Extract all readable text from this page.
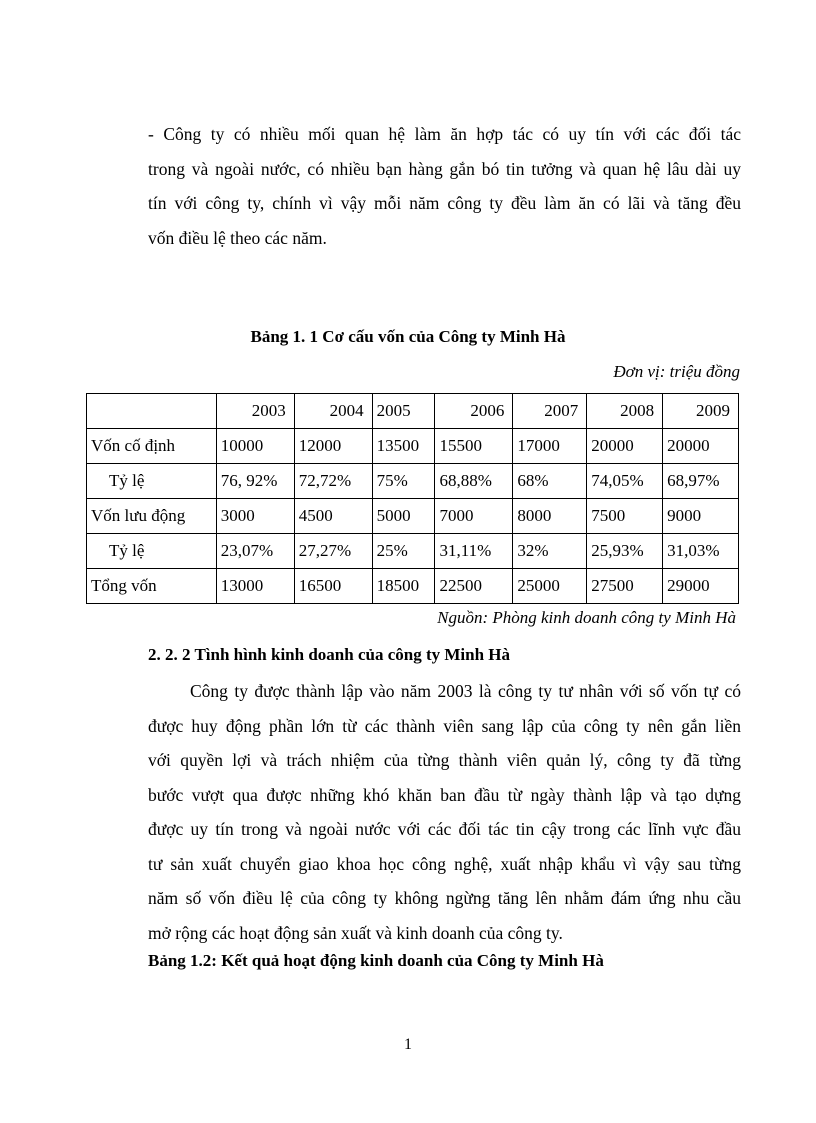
- Công ty có nhiều mối quan hệ làm ăn hợp tác có uy tín với các đối tác
trong và ngoài nước, có nhiều bạn hàng gắn bó tin tưởng và quan hệ lâu dài uy
tín với công ty, chính vì vậy mỗi năm công ty đều làm ăn có lãi và tăng đều
vốn điều lệ theo các năm.
Bảng 1. 1 Cơ cấu vốn của Công ty Minh Hà
Đơn vị: triệu đồng
	2003	2004	2005	2006	2007	2008	2009
Vốn cố định	10000	12000	13500	15500	17000	20000	20000
Tỷ lệ	76, 92%	72,72%	75%	68,88%	68%	74,05%	68,97%
Vốn lưu động	3000	4500	5000	7000	8000	7500	9000
Tỷ lệ	23,07%	27,27%	25%	31,11%	32%	25,93%	31,03%
Tổng vốn	13000	16500	18500	22500	25000	27500	29000
Nguồn: Phòng kinh doanh công ty Minh Hà
2. 2. 2 Tình hình kinh doanh của công ty Minh Hà
Công ty được thành lập vào năm 2003 là công ty tư nhân với số vốn tự có
được huy động phần lớn từ các thành viên sang lập của công ty nên gắn liền
với quyền lợi và trách nhiệm của từng thành viên quản lý, công ty đã từng
bước vượt qua được những khó khăn ban đầu từ ngày thành lập và tạo dựng
được uy tín trong và ngoài nước với các đối tác tin cậy trong các lĩnh vực đầu
tư sản xuất chuyển giao khoa học công nghệ, xuất nhập khẩu vì vậy sau từng
năm số vốn điều lệ của công ty không ngừng tăng lên nhằm đám ứng nhu cầu
mở rộng các hoạt động sản xuất và kinh doanh của công ty.
Bảng 1.2: Kết quả hoạt động kinh doanh của Công ty Minh Hà
1
